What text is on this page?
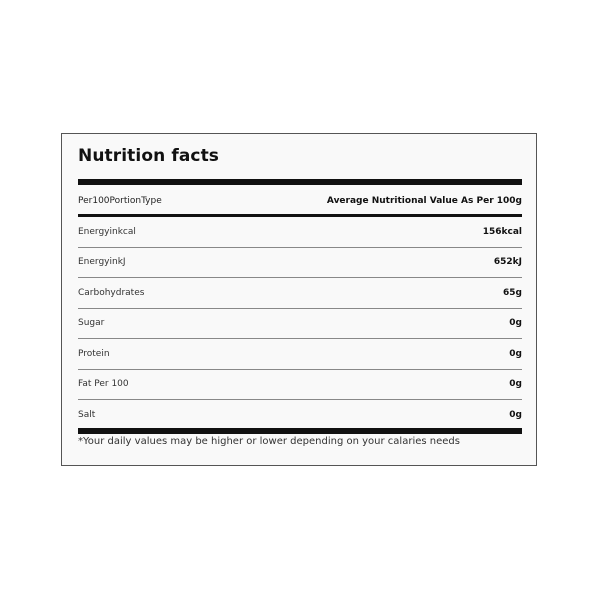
Nutrition facts
Per100PortionType	Average Nutritional Value As Per 100g
Energyinkcal	156kcal
EnergyinkJ	652kJ
Carbohydrates	65g
Sugar	0g
Protein	0g
Fat Per 100	0g
Salt	0g
*Your daily values may be higher or lower depending on your calaries needs
